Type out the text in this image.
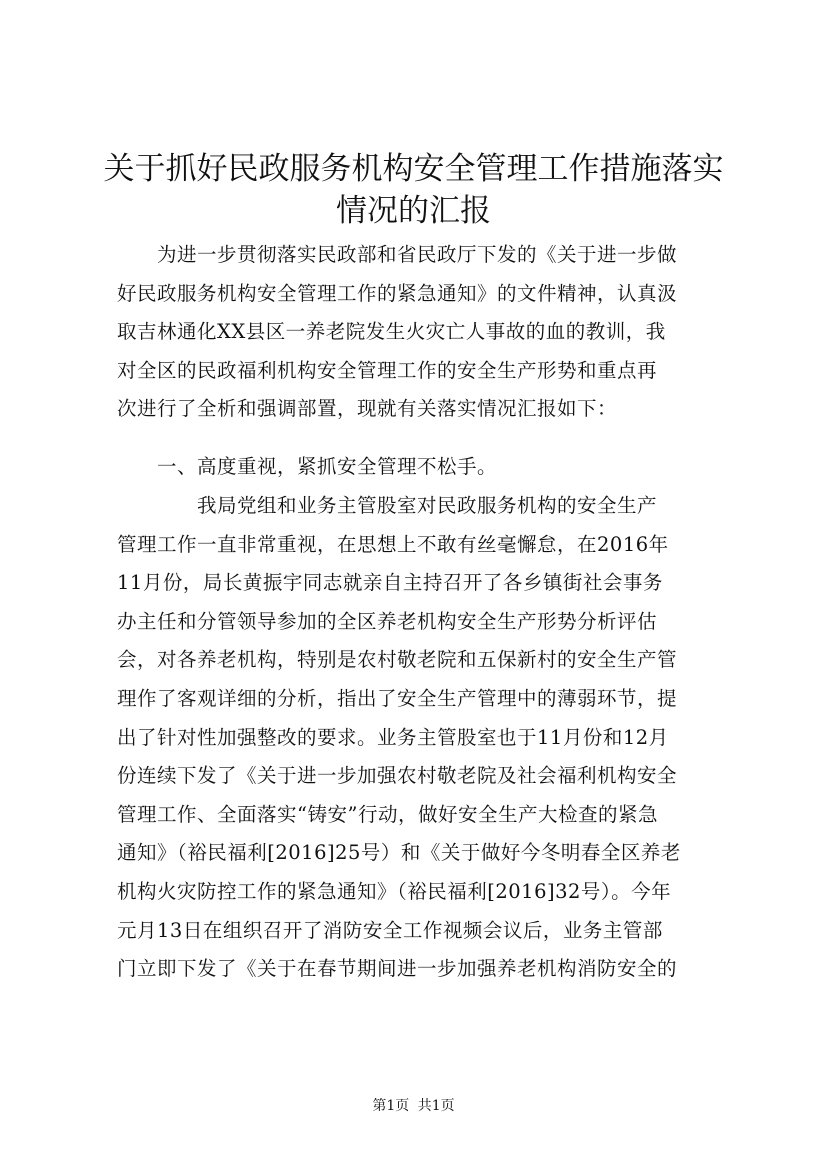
关于抓好民政服务机构安全管理工作措施落实
情况的汇报
　　为进一步贯彻落实民政部和省民政厅下发的《关于进一步做
好民政服务机构安全管理工作的紧急通知》的文件精神，认真汲
取吉林通化XX县区一养老院发生火灾亡人事故的血的教训，我
对全区的民政福利机构安全管理工作的安全生产形势和重点再
次进行了全析和强调部置，现就有关落实情况汇报如下：
　　一、高度重视，紧抓安全管理不松手。
　　　　我局党组和业务主管股室对民政服务机构的安全生产
管理工作一直非常重视，在思想上不敢有丝毫懈怠，在2016年
11月份，局长黄振宇同志就亲自主持召开了各乡镇街社会事务
办主任和分管领导参加的全区养老机构安全生产形势分析评估
会，对各养老机构，特别是农村敬老院和五保新村的安全生产管
理作了客观详细的分析，指出了安全生产管理中的薄弱环节，提
出了针对性加强整改的要求。业务主管股室也于11月份和12月
份连续下发了《关于进一步加强农村敬老院及社会福利机构安全
管理工作、全面落实“铸安”行动，做好安全生产大检查的紧急
通知》（裕民福利[2016]25号）和《关于做好今冬明春全区养老
机构火灾防控工作的紧急通知》（裕民福利[2016]32号）。今年
元月13日在组织召开了消防安全工作视频会议后，业务主管部
门立即下发了《关于在春节期间进一步加强养老机构消防安全的
第1页 共1页
